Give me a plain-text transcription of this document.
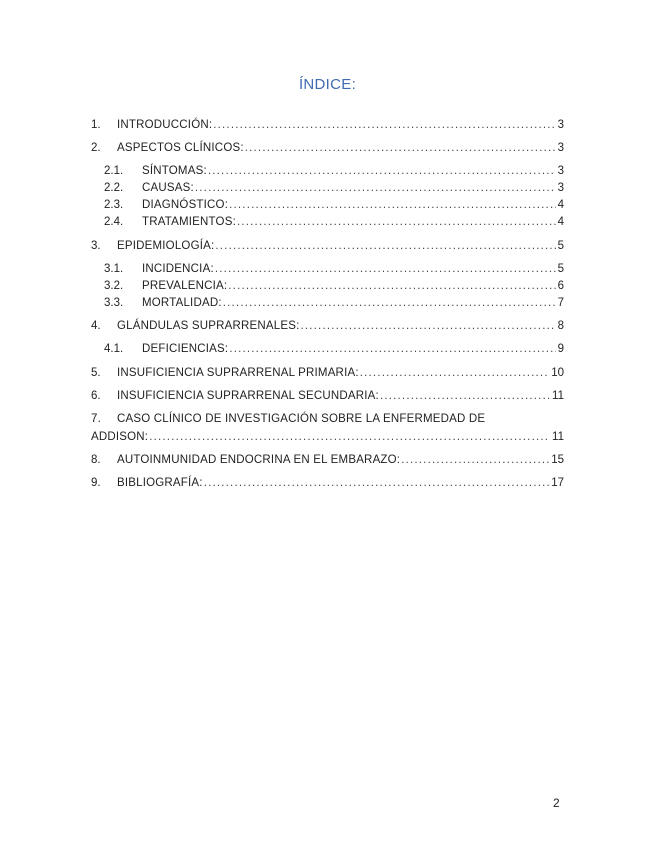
ÍNDICE:
1.	INTRODUCCIÓN: .....	3
2.	ASPECTOS CLÍNICOS: .....	3
2.1.	SÍNTOMAS: .....	3
2.2.	CAUSAS: .....	3
2.3.	DIAGNÓSTICO: .....	4
2.4.	TRATAMIENTOS: .....	4
3.	EPIDEMIOLOGÍA: .....	5
3.1.	INCIDENCIA: .....	5
3.2.	PREVALENCIA: .....	6
3.3.	MORTALIDAD: .....	7
4.	GLÁNDULAS SUPRARRENALES: .....	8
4.1.	DEFICIENCIAS: .....	9
5.	INSUFICIENCIA SUPRARRENAL PRIMARIA: .....	10
6.	INSUFICIENCIA SUPRARRENAL SECUNDARIA: .....	11
7. CASO CLÍNICO DE INVESTIGACIÓN SOBRE LA ENFERMEDAD DE
ADDISON: .....	11
8.	AUTOINMUNIDAD ENDOCRINA EN EL EMBARAZO: .....	15
9.	BIBLIOGRAFÍA: .....	17
2
